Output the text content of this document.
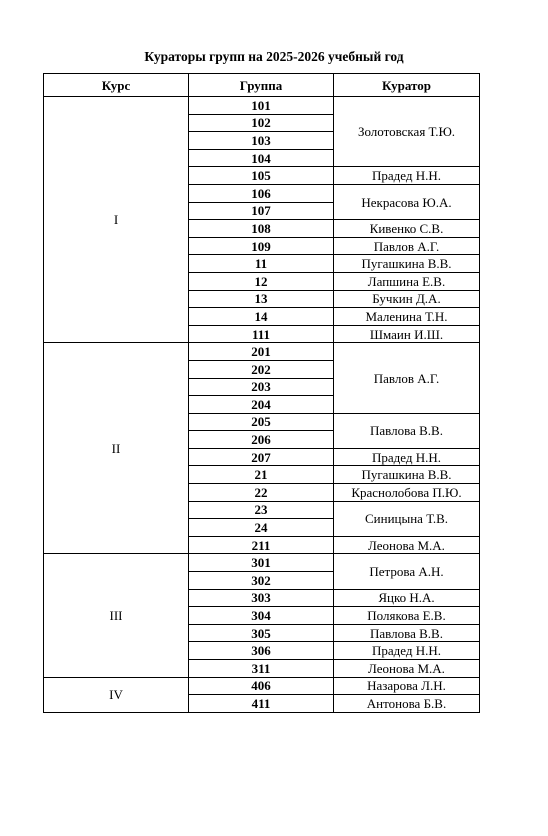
Кураторы групп на 2025-2026 учебный год
Курс	Группа	Куратор
I	101	Золотовская Т.Ю.
	102	
	103	
	104	
	105	Прадед Н.Н.
	106	Некрасова Ю.А.
	107	
	108	Кивенко С.В.
	109	Павлов А.Г.
	11	Пугашкина В.В.
	12	Лапшина Е.В.
	13	Бучкин Д.А.
	14	Маленина Т.Н.
	111	Шмаин И.Ш.
II	201	Павлов А.Г.
	202	
	203	
	204	
	205	Павлова В.В.
	206	
	207	Прадед Н.Н.
	21	Пугашкина В.В.
	22	Краснолобова П.Ю.
	23	Синицына Т.В.
	24	
	211	Леонова М.А.
III	301	Петрова А.Н.
	302	
	303	Яцко Н.А.
	304	Полякова Е.В.
	305	Павлова В.В.
	306	Прадед Н.Н.
	311	Леонова М.А.
IV	406	Назарова Л.Н.
	411	Антонова Б.В.
